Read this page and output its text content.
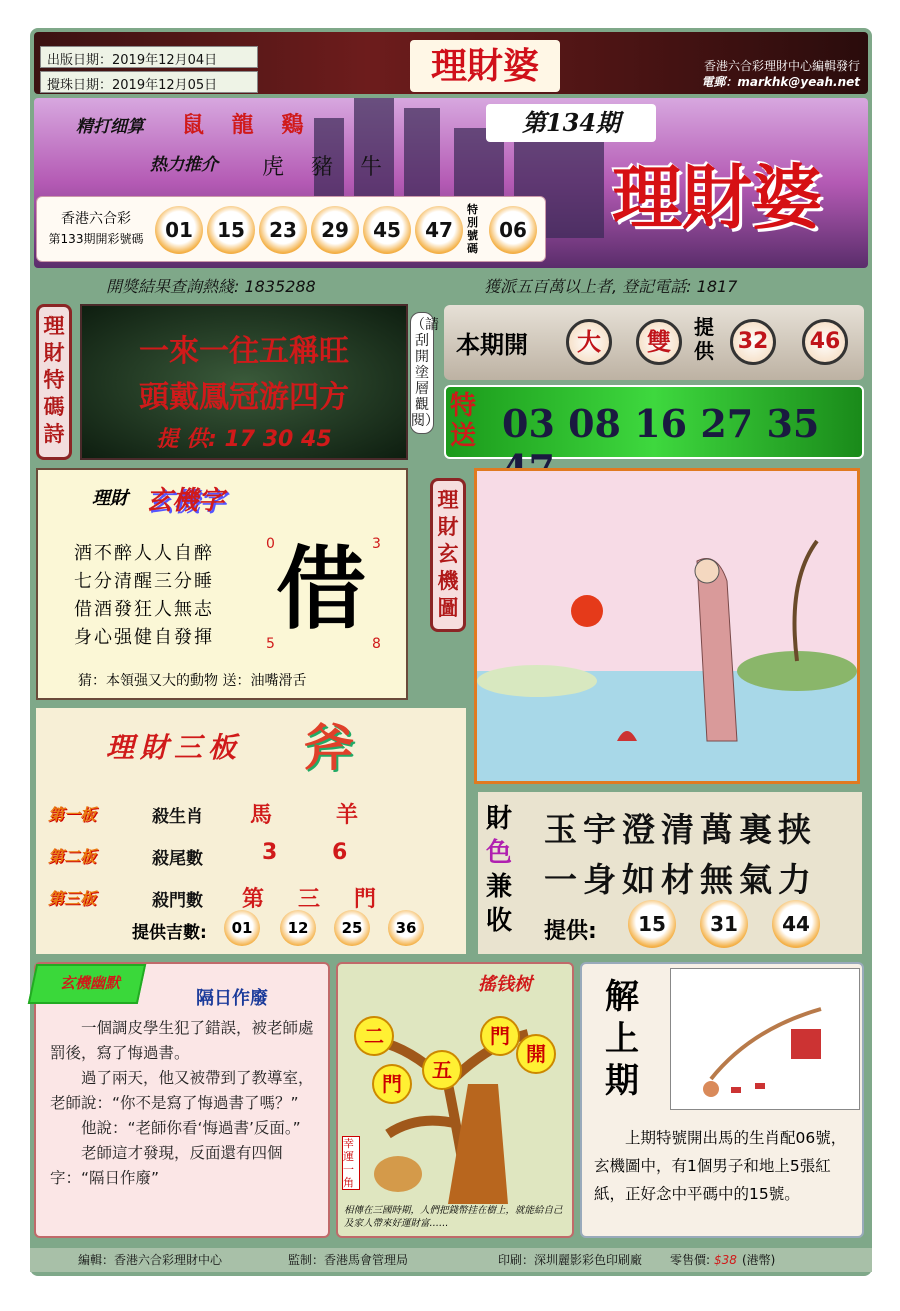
出版日期：2019年12月04日
攪珠日期：2019年12月05日	理財婆	香港六合彩理財中心編輯發行
電郵：markhk@yeah.net
精打细算 鼠 龍 鷄
热力推介 虎 豬 牛
第134期
理財婆
香港六合彩
第133期開彩號碼	01	15	23	29	45	47
特別號碼
06
開獎結果查詢熱綫: 1835288	獲派五百萬以上者, 登記電話: 1817
理財特碼詩
一來一往五稱旺
頭戴鳳冠游四方
提 供: 17 30 45
（請刮開塗層觀閱）
本期開	大	雙
提供	32	46
特送 03 08 16 27 35
理財 玄機字
酒不醉人人自醉
七分清醒三分睡
借酒發狂人無志
身心强健自發揮
0	3
5	8
借
猜：本領强又大的動物 送：油嘴滑舌
理財玄機圖
理財三板 斧
第一板	殺生肖 馬	羊
第二板	殺尾數	3 6
第三板	殺門數 第 三 門
提供吉數:	01	12	25	36
財
色
兼
收
玉宇澄清萬裏挟
一身如材無氣力
提供:	15	31	44
玄機幽默
隔日作廢

一個調皮學生犯了錯誤，被老師處罰後，寫了悔過書。

過了兩天，他又被帶到了教導室，老師說：“你不是寫了悔過書了嗎？”

他說：“老師你看‘悔過書’反面。”

老師這才發現，反面還有四個字：“隔日作廢”

搖钱树
二
門
五
門
開
幸運一角
相傳在三國時期，人們把錢幣挂在樹上，就能給自己及家人帶來好運財富……
解上期
上期特號開出馬的生肖配06號，玄機圖中，有1個男子和地上5張紅紙，正好念中平碼中的15號。
編輯：香港六合彩理財中心	監制：香港馬會管理局	印刷：深圳麗影彩色印刷廠 零售價: $38 (港幣)
